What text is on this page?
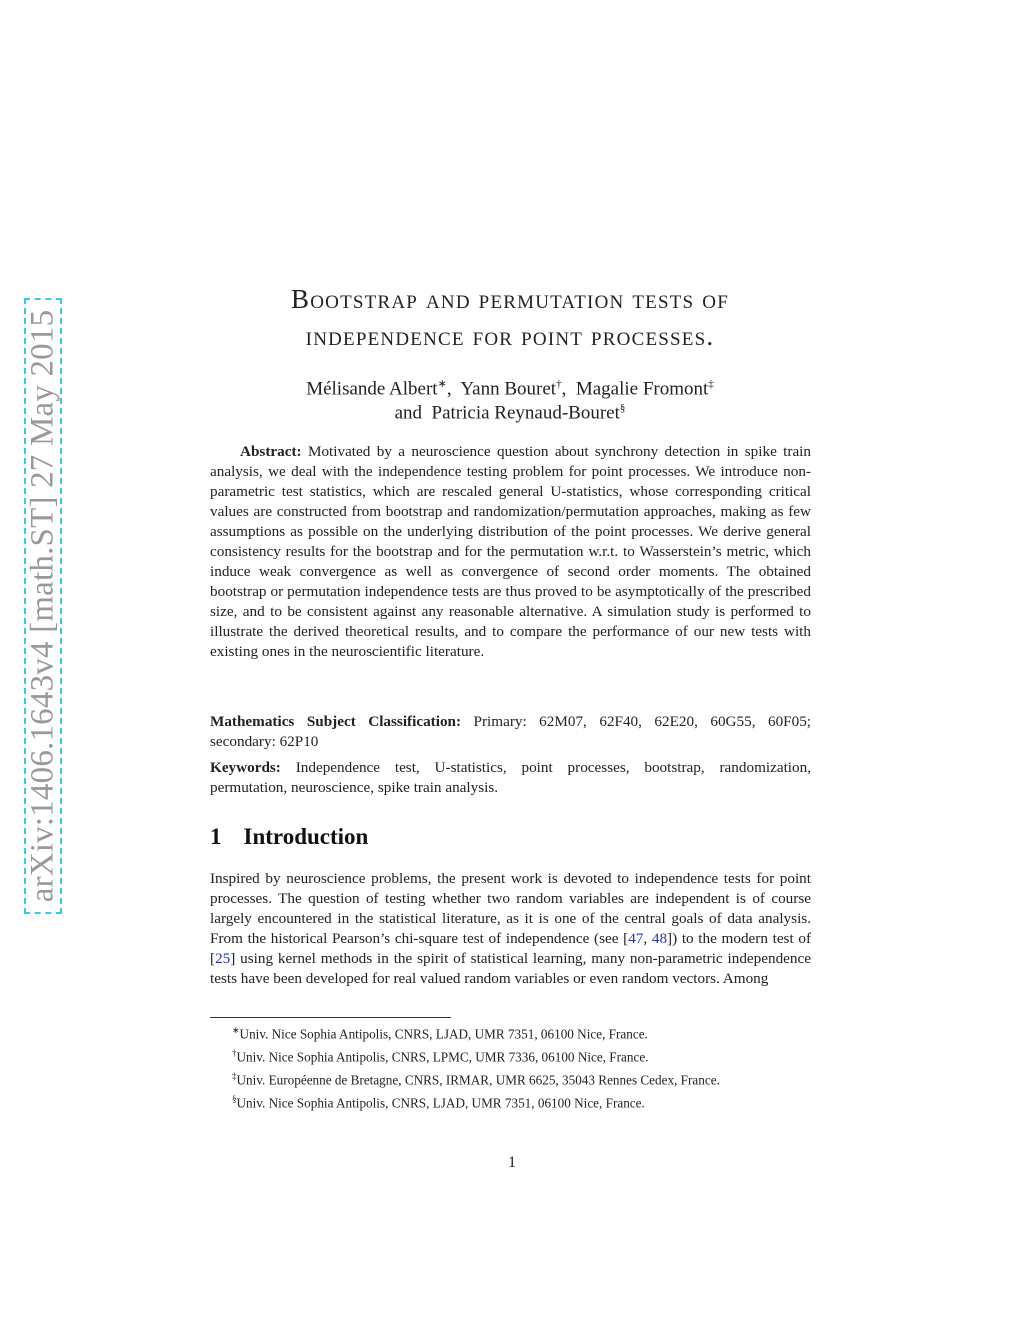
arXiv:1406.1643v4 [math.ST] 27 May 2015
Bootstrap and permutation tests of
independence for point processes.
Mélisande Albert∗,  Yann Bouret†,  Magalie Fromont‡
and Patricia Reynaud-Bouret§
Abstract: Motivated by a neuroscience question about synchrony detection in spike train analysis, we deal with the independence testing problem for point processes. We introduce non-parametric test statistics, which are rescaled general U-statistics, whose corresponding critical values are constructed from bootstrap and randomization/permutation approaches, making as few assumptions as possible on the underlying distribution of the point processes. We derive general consistency results for the bootstrap and for the permutation w.r.t. to Wasserstein’s metric, which induce weak convergence as well as convergence of second order moments. The obtained bootstrap or permutation independence tests are thus proved to be asymptotically of the prescribed size, and to be consistent against any reasonable alternative. A simulation study is performed to illustrate the derived theoretical results, and to compare the performance of our new tests with existing ones in the neuroscientific literature.
Mathematics Subject Classification: Primary: 62M07, 62F40, 62E20, 60G55, 60F05; secondary: 62P10
Keywords: Independence test, U-statistics, point processes, bootstrap, randomization, permutation, neuroscience, spike train analysis.
1 Introduction
Inspired by neuroscience problems, the present work is devoted to independence tests for point processes. The question of testing whether two random variables are independent is of course largely encountered in the statistical literature, as it is one of the central goals of data analysis. From the historical Pearson’s chi-square test of independence (see [47, 48]) to the modern test of [25] using kernel methods in the spirit of statistical learning, many non-parametric independence tests have been developed for real valued random variables or even random vectors. Among
∗Univ. Nice Sophia Antipolis, CNRS, LJAD, UMR 7351, 06100 Nice, France.
†Univ. Nice Sophia Antipolis, CNRS, LPMC, UMR 7336, 06100 Nice, France.
‡Univ. Européenne de Bretagne, CNRS, IRMAR, UMR 6625, 35043 Rennes Cedex, France.
§Univ. Nice Sophia Antipolis, CNRS, LJAD, UMR 7351, 06100 Nice, France.
1
